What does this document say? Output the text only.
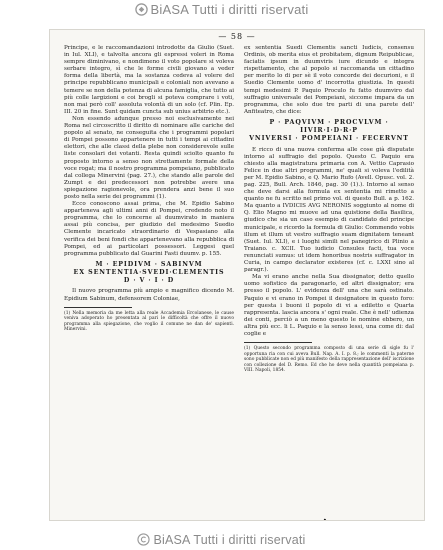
BiASA Tutti i diritti riservati
— 58 —

Principe, e le raccomandazioni introdotte da Giulio (Suet. in Iul. XLI), e talvolta ancora gli espressi voleri in Roma sempre diminivano, e nondimeno il voto popolare si voleva serbare integro, sì che le forme civili giovano a veder forma della libertà, ma la sostanza cedeva al volere del principe repubblicano municipali e coloniali non avevano a temere se non della potenza di alcuna famiglia, che tutto ai più colle largizioni e coi brogli si poteva comprare i voti, non mai però coll' assoluta volontà di un solo (cf. Plin. Ep. III. 20 in fine. Sunt quidam cuncta sub unius arbitrio etc.).

Non essendo adunque presso noi esclusivamente nei Roma nel circoscritto il diritto di nominare alle cariche del popolo al senato, ne conseguita che i programmi popolari di Pompei possono appartenere in tutti i tempi ai cittadini elettori, che alle classi della plebe non considerevole sulle liste consolari dei votanti. Resta quindi sciolto quanto fu proposto intorno a senso non strettamente formale della voce rogat; ma il nostro programma pompeiano, pubblicato dal collega Minervini (pag. 27.), che stando alle parole del Zumpt e dei predecessori non potrebbe avere una spiegazione ragionevole, ora prendera anzi bene il suo posto nella serie dei programmi (1).

Ecco conoscono assai prima, che M. Epidio Sabino apparteneva agli ultimi anni di Pompei, credendo noto il programma, che lo concerne al duumvirato in maniera assai più concisa, per giudizio del medesimo Suedio Clemente incaricato straordinario di Vespasiano alla verifica dei beni fondi che appartenevano alla repubblica di Pompei, ed ai particolari possessori. Leggesi quel programma pubblicato dal Guarini Fasti duumv. p. 155.

M · EPIDIVM · SABINVM
EX SENTENTIA·SVEDI·CLEMENTIS
D · V · I · D

Il nuovo programma più ampio e magnifico dicendo M. Epidium Sabinum, defensorem Coloniae,

(1) Nella memoria da me letta alla reale Accademia Ercolanese, le cause veniva adoperato ho presentata al pari le difficoltà che offre il nuovo programma alla spiegazione, che voglio il comune ne dan de' sapienti. Minervini.

ex sententia Suedi Clementis sancti Iudicis, consensu Ordinis, ob merita eius et probitatem, dignum Reipublicae, faciatis ipsum in duumviris iure dicundo e integra rispettamento, che al popolo si raccomanda un cittadino per merito lo di per sè il voto concorde dei decurioni, e il Suedio Clemente uomo d' incorrotta giustizia. In questi tempi medesimi P. Paquio Proculo fu fatto duumviro dal suffragio universale dei Pompeiani, siccome impara da un programma, che solo due tre parti di una parete dell' Anfiteatro, che dice:

P · PAQVIVM · PROCVLVM · IIVIR·I·D·R·P
VNIVERSI · POMPEIANI · FECERVNT

E ricco di una nuova conferma alle cose già disputate intorno al suffragio del popolo. Questo C. Paquio era chiesto alla magistratura primaria con A. Vettio Caprasio Felice in due altri programmi, ne' quali si voleva l'edilità per M. Epidio Sabino, e Q. Mario Rufo (Avell. Opusc. vol. 2. pag. 225, Bull. Arch. 1846, pag. 30 (1).). Intorno al senso che deve darsi alla formula ex sententia mi rimetto a quanto ne fu scritto nel primo vol. di questo Bull. a p. 162. Ma quanto a IVDICIS AVG NERONIS soggiunto al nome di Q. Elio Magno mi muove ad una quistione della Basilica, giudico che sia un caso esempio di candidato del principe municipale, e ricordo la formula di Giulio: Commendo vobis illum et illum ut vestro suffragio suam dignitatem teneant (Suet. Iul. XLI), e i luoghi simili nel panegirico di Plinio a Traiano. c. XCII. Tuo iudicio Consules facti, tua voce renunciati sumus: ut idem honoribus nostris suffragator in Curia, in campo declarator existeres (cf. c. LXXI sino al paragr.).

Ma vi erano anche nella Sua dissignator, detto quello uomo sofistico da paragonarlo, ed altri dissignator; era presso il popolo. L' evidenza dell' una che sarà ostinato. Paquio e vi erano in Pompei il designatore in questo foro: per questa i buoni il popolo di vi a ediletto e Quarta rappresenta. lascia ancora s' ogni reale. Che è nell' udienza dei conti, perciò a un meno questo le nomine ebbero, un altra più ecc. li L. Paquio e la senso lessi, una come di: dal coglie e

(1) Questo secondo programma composto di una serie di sigle fu l' opportuna ria con cui aveva Bull. Nap. A. I. p. 8.; le commenti la paterne sono pubblicate non ed più manifesto della rappresentazione dell' iscrizione con collezione del D. Remo. Ed che ho deve nella quantità pompeiana p. VIII. Napoli, 1854.

BiASA Tutti i diritti riservati
